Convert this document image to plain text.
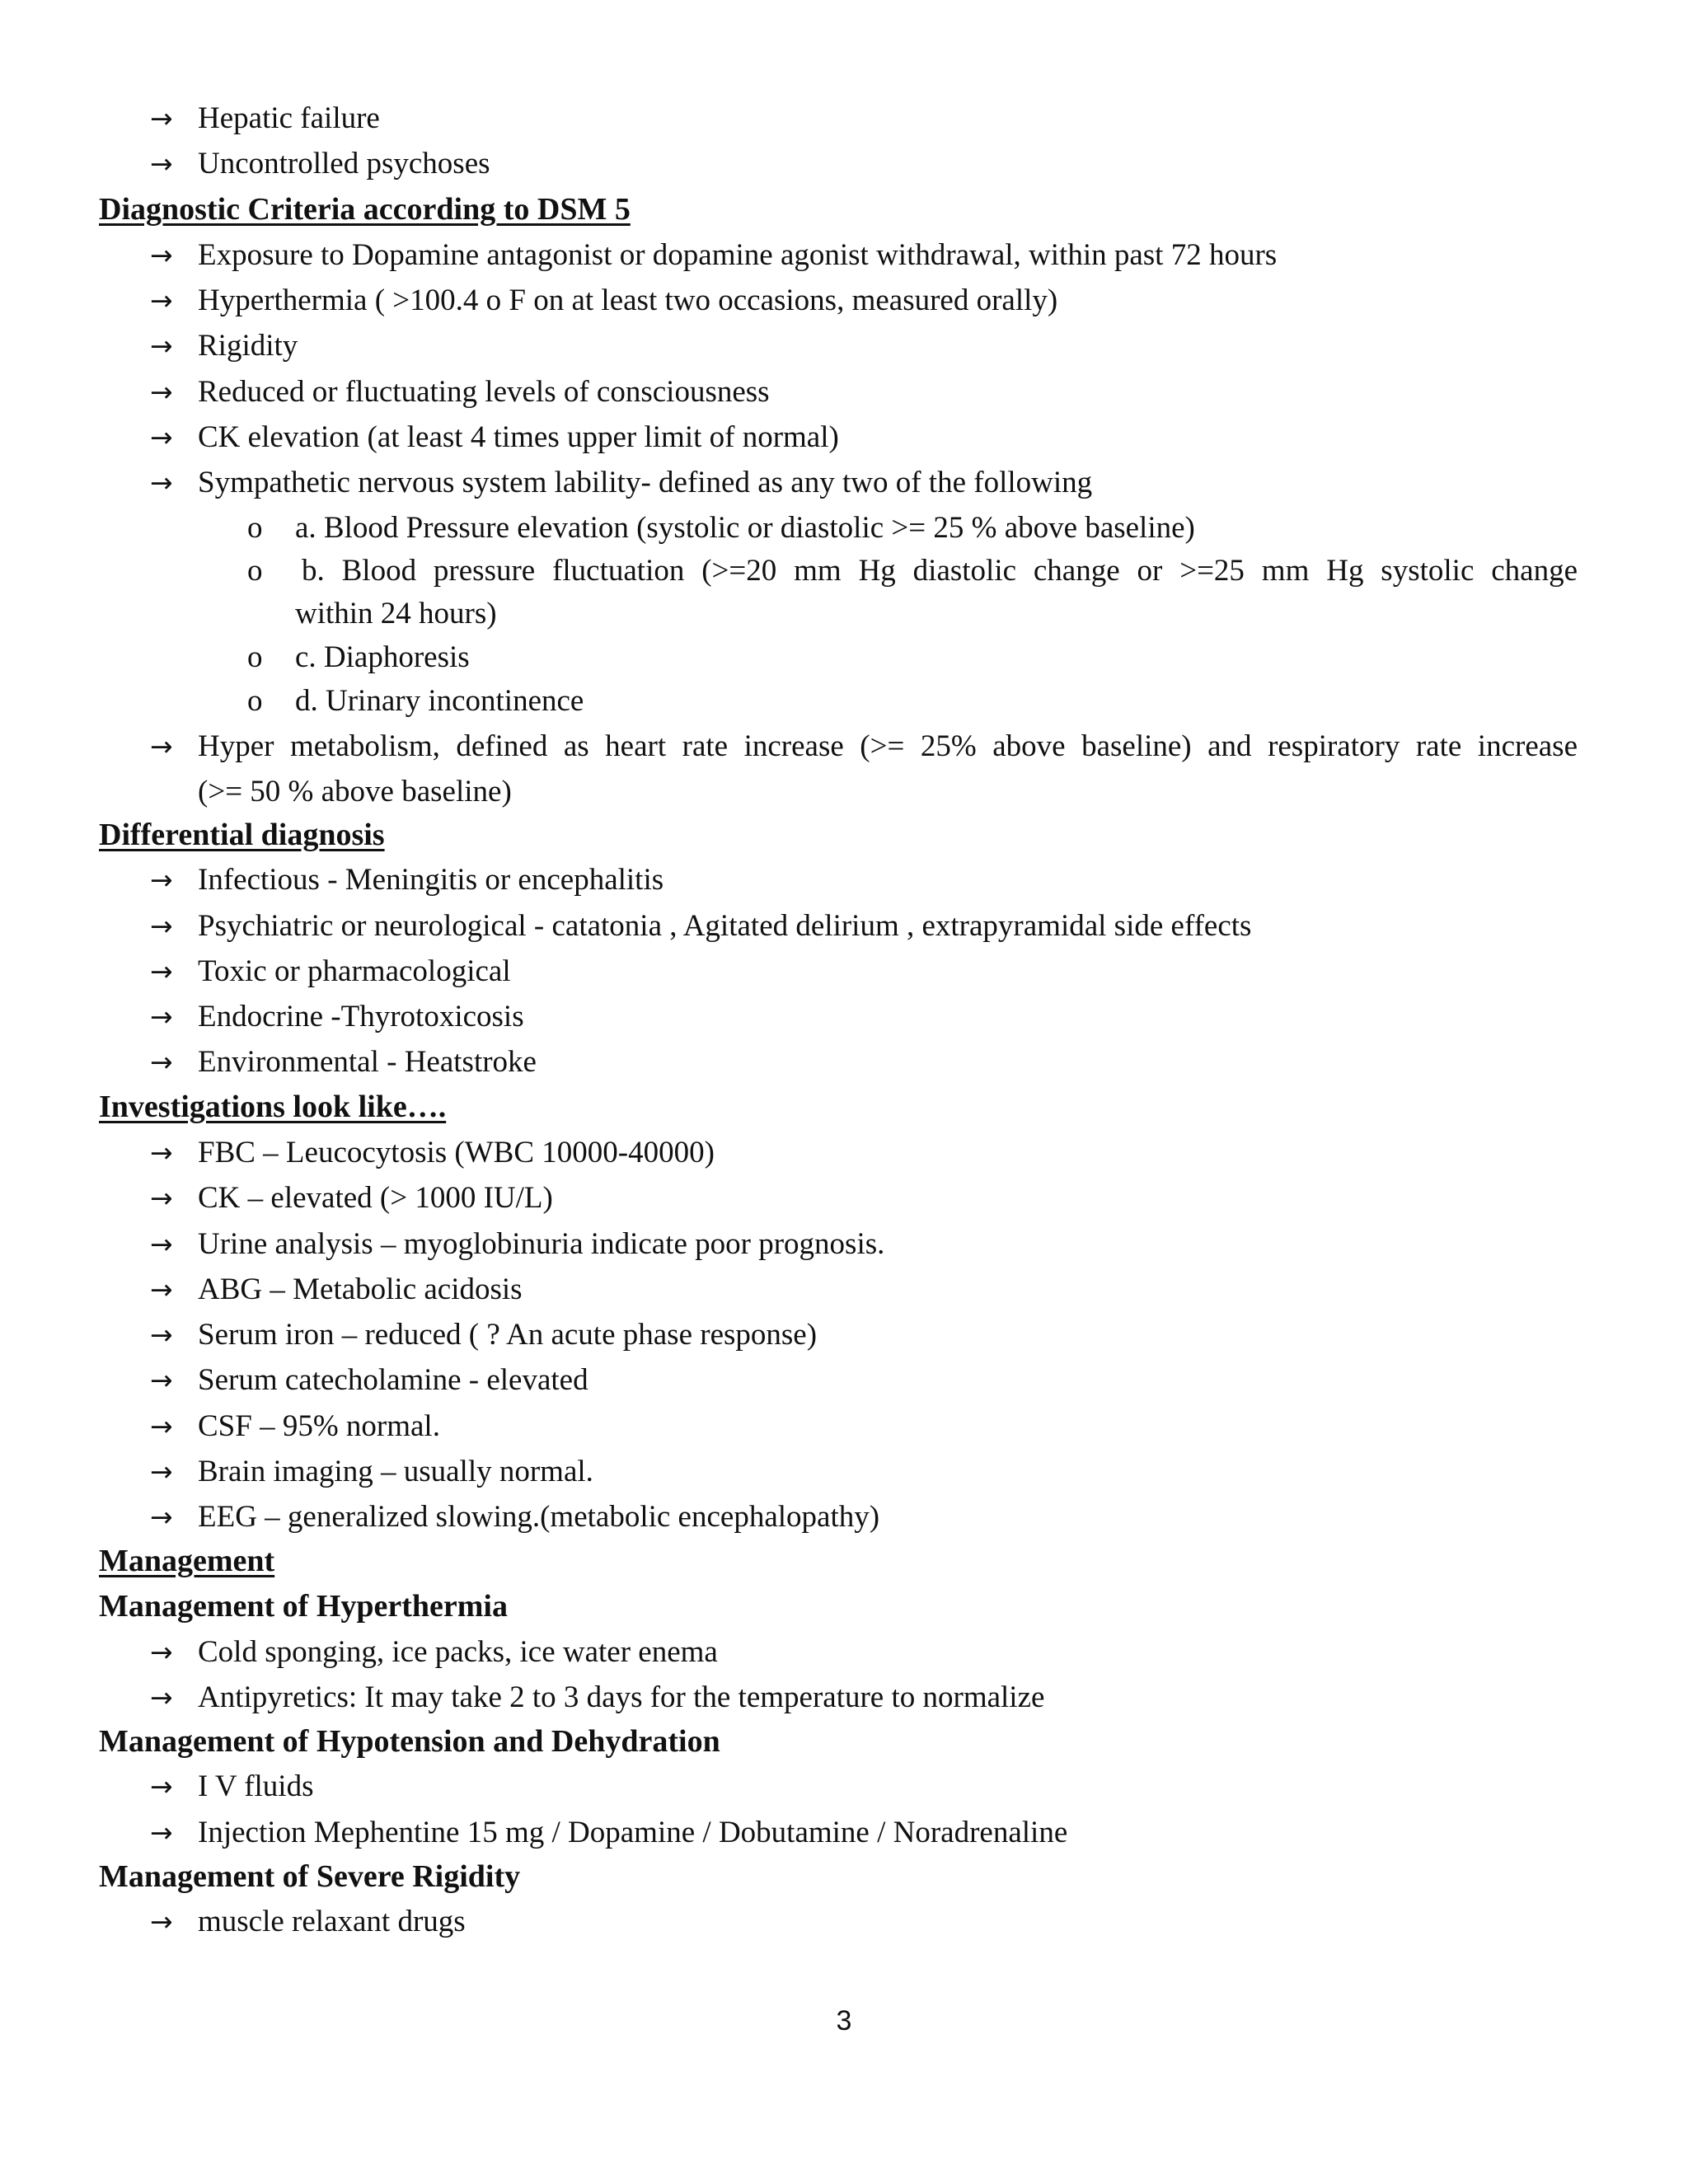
→ Hepatic failure
→ Uncontrolled psychoses
Diagnostic Criteria according to DSM 5
→ Exposure to Dopamine antagonist or dopamine agonist withdrawal, within past 72 hours
→ Hyperthermia ( >100.4 o F on at least two occasions, measured orally)
→ Rigidity
→ Reduced or fluctuating levels of consciousness
→ CK elevation (at least 4 times upper limit of normal)
→ Sympathetic nervous system lability- defined as any two of the following
o a. Blood Pressure elevation (systolic or diastolic >= 25 % above baseline)
o b. Blood pressure fluctuation (>=20 mm Hg diastolic change or >=25 mm Hg systolic change
within 24 hours)
o c. Diaphoresis
o d. Urinary incontinence
→ Hyper metabolism, defined as heart rate increase (>= 25% above baseline) and respiratory rate increase
(>= 50 % above baseline)
Differential diagnosis
→ Infectious - Meningitis or encephalitis
→ Psychiatric or neurological - catatonia , Agitated delirium , extrapyramidal side effects
→ Toxic or pharmacological
→ Endocrine -Thyrotoxicosis
→ Environmental - Heatstroke
Investigations look like….
→ FBC – Leucocytosis (WBC 10000-40000)
→ CK – elevated (> 1000 IU/L)
→ Urine analysis – myoglobinuria indicate poor prognosis.
→ ABG – Metabolic acidosis
→ Serum iron – reduced ( ? An acute phase response)
→ Serum catecholamine - elevated
→ CSF – 95% normal.
→ Brain imaging – usually normal.
→ EEG – generalized slowing.(metabolic encephalopathy)
Management
Management of Hyperthermia
→ Cold sponging, ice packs, ice water enema
→ Antipyretics: It may take 2 to 3 days for the temperature to normalize
Management of Hypotension and Dehydration
→ I V fluids
→ Injection Mephentine 15 mg / Dopamine / Dobutamine / Noradrenaline
Management of Severe Rigidity
→ muscle relaxant drugs
3
